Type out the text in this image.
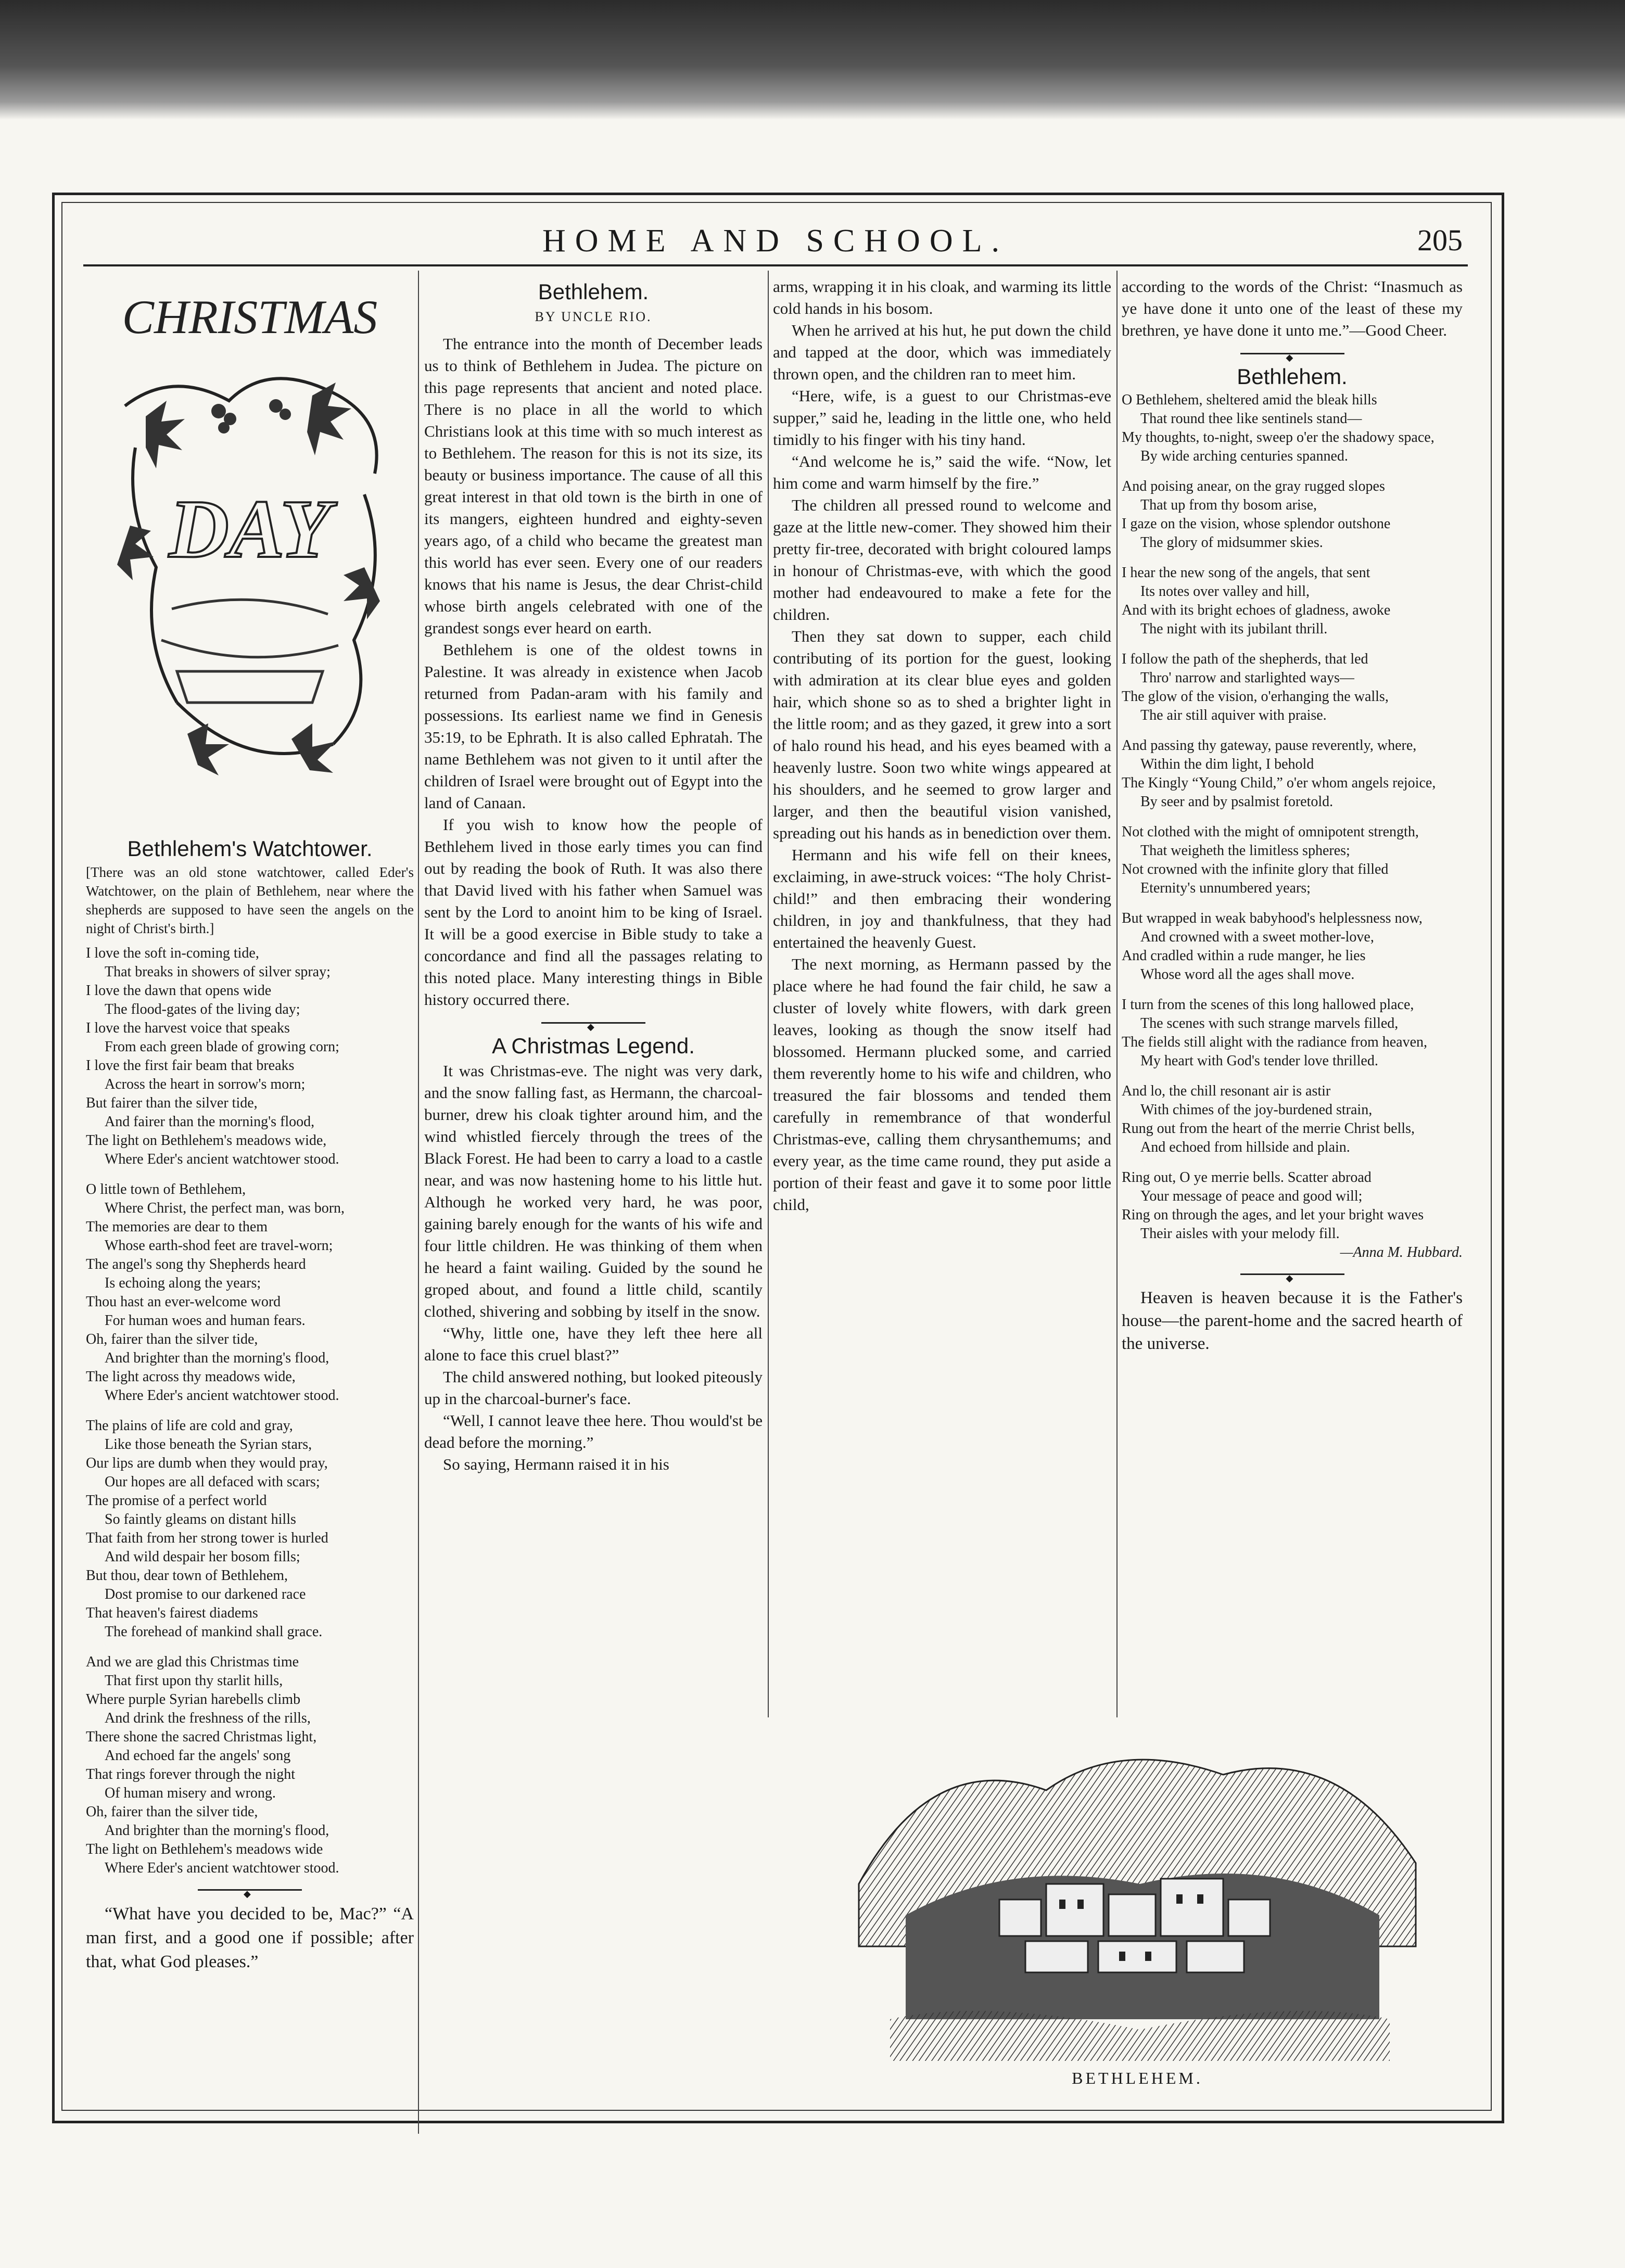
HOME AND SCHOOL.	205
CHRISTMAS
DAY
Bethlehem's Watchtower.
[There was an old stone watchtower, called Eder's Watchtower, on the plain of Bethlehem, near where the shepherds are supposed to have seen the angels on the night of Christ's birth.]
I love the soft in-coming tide,
That breaks in showers of silver spray;
I love the dawn that opens wide
The flood-gates of the living day;
I love the harvest voice that speaks
From each green blade of growing corn;
I love the first fair beam that breaks
Across the heart in sorrow's morn;
But fairer than the silver tide,
And fairer than the morning's flood,
The light on Bethlehem's meadows wide,
Where Eder's ancient watchtower stood.
O little town of Bethlehem,
Where Christ, the perfect man, was born,
The memories are dear to them
Whose earth-shod feet are travel-worn;
The angel's song thy Shepherds heard
Is echoing along the years;
Thou hast an ever-welcome word
For human woes and human fears.
Oh, fairer than the silver tide,
And brighter than the morning's flood,
The light across thy meadows wide,
Where Eder's ancient watchtower stood.
The plains of life are cold and gray,
Like those beneath the Syrian stars,
Our lips are dumb when they would pray,
Our hopes are all defaced with scars;
The promise of a perfect world
So faintly gleams on distant hills
That faith from her strong tower is hurled
And wild despair her bosom fills;
But thou, dear town of Bethlehem,
Dost promise to our darkened race
That heaven's fairest diadems
The forehead of mankind shall grace.
And we are glad this Christmas time
That first upon thy starlit hills,
Where purple Syrian harebells climb
And drink the freshness of the rills,
There shone the sacred Christmas light,
And echoed far the angels' song
That rings forever through the night
Of human misery and wrong.
Oh, fairer than the silver tide,
And brighter than the morning's flood,
The light on Bethlehem's meadows wide
Where Eder's ancient watchtower stood.
◆

“What have you decided to be, Mac?” “A man first, and a good one if possible; after that, what God pleases.”

Bethlehem.
BY UNCLE RIO.

The entrance into the month of December leads us to think of Bethlehem in Judea. The picture on this page represents that ancient and noted place. There is no place in all the world to which Christians look at this time with so much interest as to Bethlehem. The reason for this is not its size, its beauty or business importance. The cause of all this great interest in that old town is the birth in one of its mangers, eighteen hundred and eighty-seven years ago, of a child who became the greatest man this world has ever seen. Every one of our readers knows that his name is Jesus, the dear Christ-child whose birth angels celebrated with one of the grandest songs ever heard on earth.

Bethlehem is one of the oldest towns in Palestine. It was already in existence when Jacob returned from Padan-aram with his family and possessions. Its earliest name we find in Genesis 35:19, to be Ephrath. It is also called Ephratah. The name Bethlehem was not given to it until after the children of Israel were brought out of Egypt into the land of Canaan.

If you wish to know how the people of Bethlehem lived in those early times you can find out by reading the book of Ruth. It was also there that David lived with his father when Samuel was sent by the Lord to anoint him to be king of Israel. It will be a good exercise in Bible study to take a concordance and find all the passages relating to this noted place. Many interesting things in Bible history occurred there.

◆
A Christmas Legend.

It was Christmas-eve. The night was very dark, and the snow falling fast, as Hermann, the charcoal-burner, drew his cloak tighter around him, and the wind whistled fiercely through the trees of the Black Forest. He had been to carry a load to a castle near, and was now hastening home to his little hut. Although he worked very hard, he was poor, gaining barely enough for the wants of his wife and four little children. He was thinking of them when he heard a faint wailing. Guided by the sound he groped about, and found a little child, scantily clothed, shivering and sobbing by itself in the snow.

“Why, little one, have they left thee here all alone to face this cruel blast?”

The child answered nothing, but looked piteously up in the charcoal-burner's face.

“Well, I cannot leave thee here. Thou would'st be dead before the morning.”

So saying, Hermann raised it in his

arms, wrapping it in his cloak, and warming its little cold hands in his bosom.

When he arrived at his hut, he put down the child and tapped at the door, which was immediately thrown open, and the children ran to meet him.

“Here, wife, is a guest to our Christmas-eve supper,” said he, leading in the little one, who held timidly to his finger with his tiny hand.

“And welcome he is,” said the wife. “Now, let him come and warm himself by the fire.”

The children all pressed round to welcome and gaze at the little new-comer. They showed him their pretty fir-tree, decorated with bright coloured lamps in honour of Christmas-eve, with which the good mother had endeavoured to make a fete for the children.

Then they sat down to supper, each child contributing of its portion for the guest, looking with admiration at its clear blue eyes and golden hair, which shone so as to shed a brighter light in the little room; and as they gazed, it grew into a sort of halo round his head, and his eyes beamed with a heavenly lustre. Soon two white wings appeared at his shoulders, and he seemed to grow larger and larger, and then the beautiful vision vanished, spreading out his hands as in benediction over them.

Hermann and his wife fell on their knees, exclaiming, in awe-struck voices: “The holy Christ-child!” and then embracing their wondering children, in joy and thankfulness, that they had entertained the heavenly Guest.

The next morning, as Hermann passed by the place where he had found the fair child, he saw a cluster of lovely white flowers, with dark green leaves, looking as though the snow itself had blossomed. Hermann plucked some, and carried them reverently home to his wife and children, who treasured the fair blossoms and tended them carefully in remembrance of that wonderful Christmas-eve, calling them chrysanthemums; and every year, as the time came round, they put aside a portion of their feast and gave it to some poor little child,

according to the words of the Christ: “Inasmuch as ye have done it unto one of the least of these my brethren, ye have done it unto me.”—Good Cheer.

◆
Bethlehem.
O Bethlehem, sheltered amid the bleak hills
That round thee like sentinels stand—
My thoughts, to-night, sweep o'er the shadowy space,
By wide arching centuries spanned.
And poising anear, on the gray rugged slopes
That up from thy bosom arise,
I gaze on the vision, whose splendor outshone
The glory of midsummer skies.
I hear the new song of the angels, that sent
Its notes over valley and hill,
And with its bright echoes of gladness, awoke
The night with its jubilant thrill.
I follow the path of the shepherds, that led
Thro' narrow and starlighted ways—
The glow of the vision, o'erhanging the walls,
The air still aquiver with praise.
And passing thy gateway, pause reverently, where,
Within the dim light, I behold
The Kingly “Young Child,” o'er whom angels rejoice,
By seer and by psalmist foretold.
Not clothed with the might of omnipotent strength,
That weigheth the limitless spheres;
Not crowned with the infinite glory that filled
Eternity's unnumbered years;
But wrapped in weak babyhood's helplessness now,
And crowned with a sweet mother-love,
And cradled within a rude manger, he lies
Whose word all the ages shall move.
I turn from the scenes of this long hallowed place,
The scenes with such strange marvels filled,
The fields still alight with the radiance from heaven,
My heart with God's tender love thrilled.
And lo, the chill resonant air is astir
With chimes of the joy-burdened strain,
Rung out from the heart of the merrie Christ bells,
And echoed from hillside and plain.
Ring out, O ye merrie bells. Scatter abroad
Your message of peace and good will;
Ring on through the ages, and let your bright waves
Their aisles with your melody fill.
—Anna M. Hubbard.
◆

Heaven is heaven because it is the Father's house—the parent-home and the sacred hearth of the universe.

BETHLEHEM.
